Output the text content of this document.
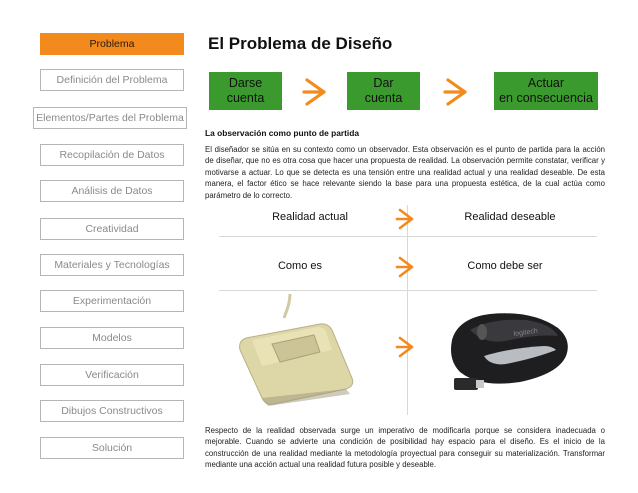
Problema
Definición del Problema
Elementos/Partes del Problema
Recopilación de Datos
Análisis de Datos
Creatividad
Materiales y Tecnologías
Experimentación
Modelos
Verificación
Dibujos Constructivos
Solución
El Problema de Diseño
Darse
cuenta
Dar
cuenta
Actuar
en consecuencia
La observación como punto de partida

El diseñador se sitúa en su contexto como un observador. Esta observación es el punto de partida para la acción de diseñar, que no es otra cosa que hacer una propuesta de realidad. La observación permite constatar, verificar y motivarse a actuar. Lo que se detecta es una tensión entre una realidad actual y una realidad deseable. De esta manera, el factor ético se hace relevante siendo la base para una propuesta estética, de la cual actúa como parámetro de lo correcto.

Realidad actual	Realidad deseable
Como es	Como debe ser
logitech

Respecto de la realidad observada surge un imperativo de modificarla porque se considera inadecuada o mejorable. Cuando se advierte una condición de posibilidad hay espacio para el diseño. Es el inicio de la construcción de una realidad mediante la metodología proyectual para conseguir su materialización. Transformar mediante una acción actual una realidad futura posible y deseable.
